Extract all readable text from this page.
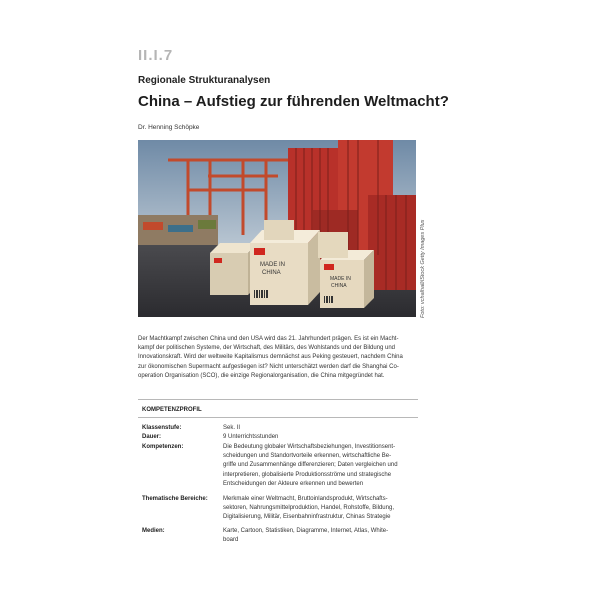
II.I.7
Regionale Strukturanalysen
China – Aufstieg zur führenden Weltmacht?
Dr. Henning Schöpke
MADE IN
CHINA
MADE IN
CHINA	Foto: vchalhall/iStock Getty Images Plus
Der Machtkampf zwischen China und den USA wird das 21. Jahrhundert prägen. Es ist ein Macht-
kampf der politischen Systeme, der Wirtschaft, des Militärs, des Wohlstands und der Bildung und
Innovationskraft. Wird der weltweite Kapitalismus demnächst aus Peking gesteuert, nachdem China
zur ökonomischen Supermacht aufgestiegen ist? Nicht unterschätzt werden darf die Shanghai Co-
operation Organisation (SCO), die einzige Regionalorganisation, die China mitgegründet hat.
KOMPETENZPROFIL
Klassenstufe:	Sek. II
Dauer:	9 Unterrichtsstunden
Kompetenzen:	Die Bedeutung globaler Wirtschaftsbeziehungen, Investitionsent-
scheidungen und Standortvorteile erkennen, wirtschaftliche Be-
griffe und Zusammenhänge differenzieren; Daten vergleichen und
interpretieren, globalisierte Produktionsströme und strategische
Entscheidungen der Akteure erkennen und bewerten
Thematische Bereiche:	Merkmale einer Weltmacht, Bruttoinlandsprodukt, Wirtschafts-
sektoren, Nahrungsmittelproduktion, Handel, Rohstoffe, Bildung,
Digitalisierung, Militär, Eisenbahninfrastruktur, Chinas Strategie
Medien:	Karte, Cartoon, Statistiken, Diagramme, Internet, Atlas, White-
board
